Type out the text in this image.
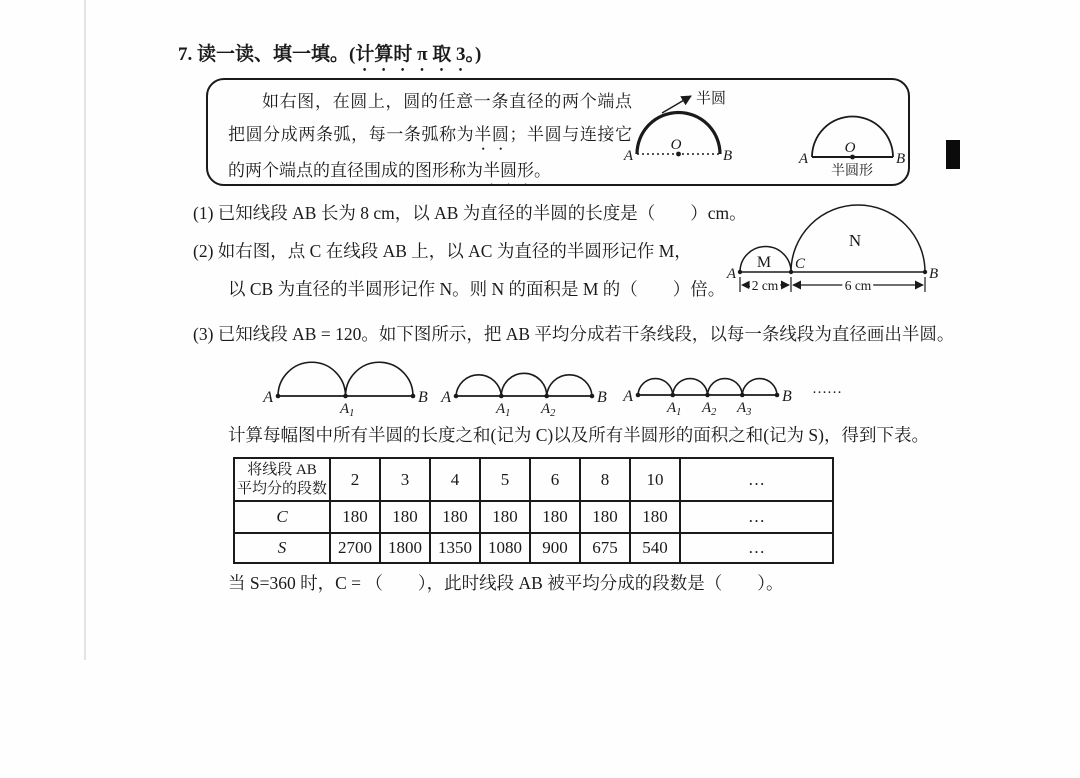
7. 读一读、填一填。(计算时 π 取 3。)
如右图，在圆上，圆的任意一条直径的两个端点把圆分成两条弧，每一条弧称为半圆；半圆与连接它的两个端点的直径围成的图形称为半圆形。
半圆
A	B
O
A	B
O
半圆形
(1) 已知线段 AB 长为 8 cm，以 AB 为直径的半圆的长度是（　　）cm。
(2) 如右图，点 C 在线段 AB 上，以 AC 为直径的半圆形记作 M，
以 CB 为直径的半圆形记作 N。则 N 的面积是 M 的（　　）倍。
A
C
B
M
N
2 cm	6 cm
(3) 已知线段 AB = 120。如下图所示，把 AB 平均分成若干条线段，以每一条线段为直径画出半圆。
A	B
$A_1$
A	B
$A_1$ $A_2$
A	B
$A_1$ $A_2$ $A_3$
……
计算每幅图中所有半圆的长度之和(记为 C)以及所有半圆形的面积之和(记为 S)，得到下表。
将线段 AB
平均分的段数	2	3	4	5	6	8	10	…
C	180	180	180	180	180	180	180	…
S	2700	1800	1350	1080	900	675	540	…
当 S=360 时，C = （　　），此时线段 AB 被平均分成的段数是（　　）。
